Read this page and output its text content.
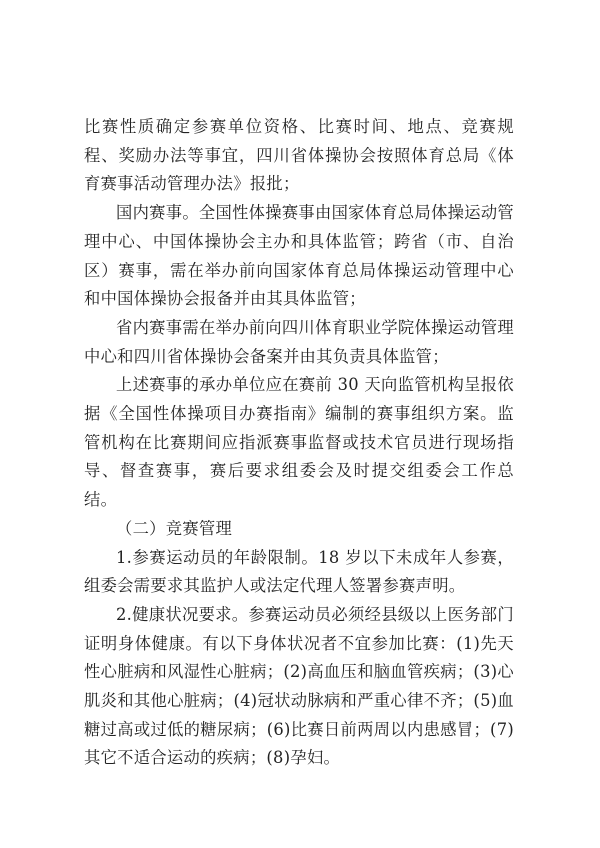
比赛性质确定参赛单位资格、比赛时间、地点、竞赛规程、奖励办法等事宜，四川省体操协会按照体育总局《体育赛事活动管理办法》报批；

国内赛事。全国性体操赛事由国家体育总局体操运动管理中心、中国体操协会主办和具体监管；跨省（市、自治区）赛事，需在举办前向国家体育总局体操运动管理中心和中国体操协会报备并由其具体监管；

省内赛事需在举办前向四川体育职业学院体操运动管理中心和四川省体操协会备案并由其负责具体监管；

上述赛事的承办单位应在赛前 30 天向监管机构呈报依据《全国性体操项目办赛指南》编制的赛事组织方案。监管机构在比赛期间应指派赛事监督或技术官员进行现场指导、督查赛事，赛后要求组委会及时提交组委会工作总结。

（二）竞赛管理

1.参赛运动员的年龄限制。18 岁以下未成年人参赛，组委会需要求其监护人或法定代理人签署参赛声明。

2.健康状况要求。参赛运动员必须经县级以上医务部门证明身体健康。有以下身体状况者不宜参加比赛：(1)先天性心脏病和风湿性心脏病；(2)高血压和脑血管疾病；(3)心肌炎和其他心脏病；(4)冠状动脉病和严重心律不齐；(5)血糖过高或过低的糖尿病；(6)比赛日前两周以内患感冒；(7)其它不适合运动的疾病；(8)孕妇。
